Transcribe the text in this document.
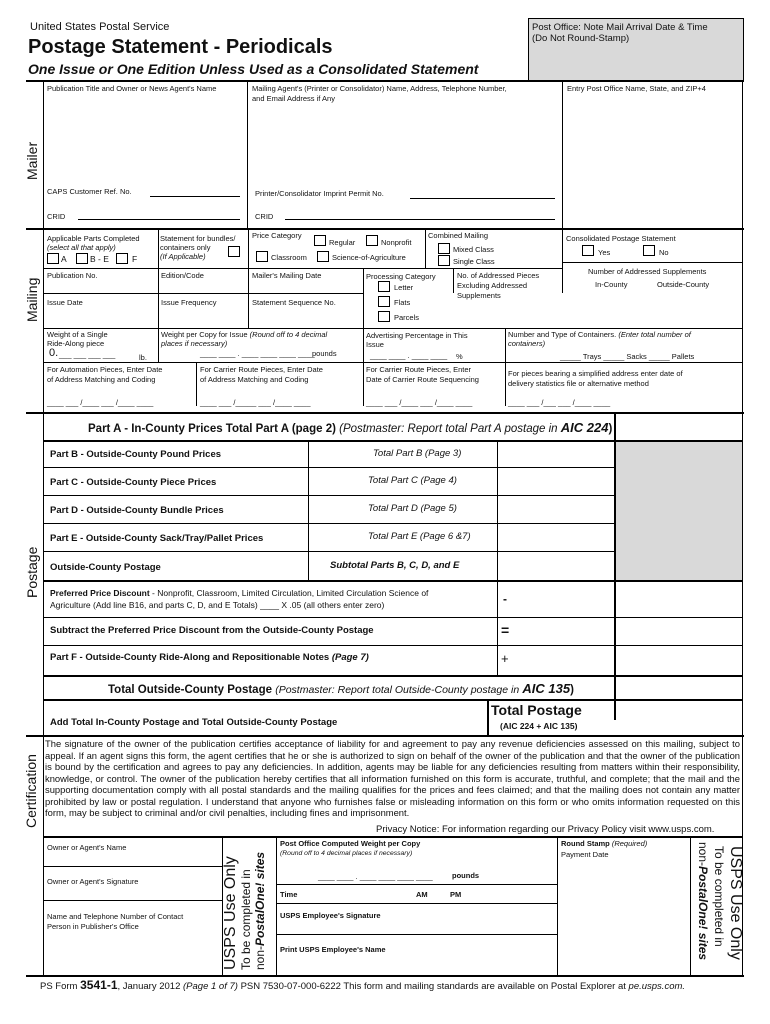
United States Postal Service
Postage Statement - Periodicals
One Issue or One Edition Unless Used as a Consolidated Statement
Post Office: Note Mail Arrival Date & Time
(Do Not Round-Stamp)
Mailer
Publication Title and Owner or News Agent's Name	Mailing Agent's (Printer or Consolidator) Name, Address, Telephone Number,
and Email Address if Any
Entry Post Office Name, State, and ZIP+4
CAPS Customer Ref. No.	Printer/Consolidator Imprint Permit No.
CRID	CRID
Mailing
Applicable Parts Completed
(select all that apply)
A	B - E	F
Statement for bundles/
containers only
(If Applicable)
Price Category
Regular	Nonprofit
Classroom	Science-of-Agriculture
Combined Mailing
Mixed Class
Single Class
Consolidated Postage Statement
Yes	No
Publication No.	Edition/Code	Mailer's Mailing Date	Processing Category
Letter
Flats
Parcels
No. of Addressed Pieces
Excluding Addressed
Supplements
Number of Addressed Supplements
In-County	Outside-County
Issue Date	Issue Frequency	Statement Sequence No.
Weight of a Single
Ride-Along piece
0. ___ ___ ___ ___	lb.
Weight per Copy for Issue (Round off to 4 decimal
places if necessary)
____ ____ . ____ ____ ____ ____
pounds
Advertising Percentage in This
Issue
____ ____ . ____ ____ %
Number and Type of Containers. (Enter total number of
containers)
_____ Trays _____ Sacks _____ Pallets
For Automation Pieces, Enter Date
of Address Matching and Coding
For Carrier Route Pieces, Enter Date
of Address Matching and Coding
For Carrier Route Pieces, Enter
Date of Carrier Route Sequencing
For pieces bearing a simplified address enter date of
delivery statistics file or alternative method
____ ___ /____ ___ /____ ____	____ ___ /_____ ___ /____ ____	____ ___ /____ ___ /____ ____	____ ___ /___ ___ /____ ____
Postage
Part A - In-County Prices Total Part A (page 2) (Postmaster: Report total Part A postage in AIC 224)
Part B - Outside-County Pound Prices	Total Part B (Page 3)
Part C - Outside-County Piece Prices	Total Part C (Page 4)
Part D - Outside-County Bundle Prices	Total Part D (Page 5)
Part E - Outside-County Sack/Tray/Pallet Prices	Total Part E (Page 6 &7)
Outside-County Postage	Subtotal Parts B, C, D, and E
Preferred Price Discount - Nonprofit, Classroom, Limited Circulation, Limited Circulation Science of
Agriculture (Add line B16, and parts C, D, and E Totals) ____ X .05 (all others enter zero)	-
Subtract the Preferred Price Discount from the Outside-County Postage	=
Part F - Outside-County Ride-Along and Repositionable Notes (Page 7)	+
Total Outside-County Postage (Postmaster: Report total Outside-County postage in AIC 135)
Add Total In-County Postage and Total Outside-County Postage
Total Postage
(AIC 224 + AIC 135)
Certification
The signature of the owner of the publication certifies acceptance of liability for and agreement to pay any revenue deficiencies assessed on this mailing, subject to appeal. If an agent signs this form, the agent certifies that he or she is authorized to sign on behalf of the owner of the publication and that the owner of the publication is bound by the certification and agrees to pay any deficiencies. In addition, agents may be liable for any deficiencies resulting from matters within their responsibility, knowledge, or control. The owner of the publication hereby certifies that all information furnished on this form is accurate, truthful, and complete; that the mail and the supporting documentation comply with all postal standards and the mailing qualifies for the prices and fees claimed; and that the mailing does not contain any matter prohibited by law or postal regulation. I understand that anyone who furnishes false or misleading information on this form or who omits information requested on this form, may be subject to criminal and/or civil penalties, including fines and imprisonment.
Privacy Notice: For information regarding our Privacy Policy visit www.usps.com.
Owner or Agent's Name
Owner or Agent's Signature
Name and Telephone Number of Contact
Person in Publisher's Office	USPS Use Only To be completed in non-PostalOne! sites
Post Office Computed Weight per Copy
(Round off to 4 decimal places if necessary)
____ ____ . ____ ____ ____ ____	pounds
Time	AM	PM
USPS Employee's Signature
Print USPS Employee's Name
Round Stamp (Required)
Payment Date	USPS Use Only
To be completed in
non-PostalOne! sites
PS Form 3541-1, January 2012 (Page 1 of 7) PSN 7530-07-000-6222 This form and mailing standards are available on Postal Explorer at pe.usps.com.
